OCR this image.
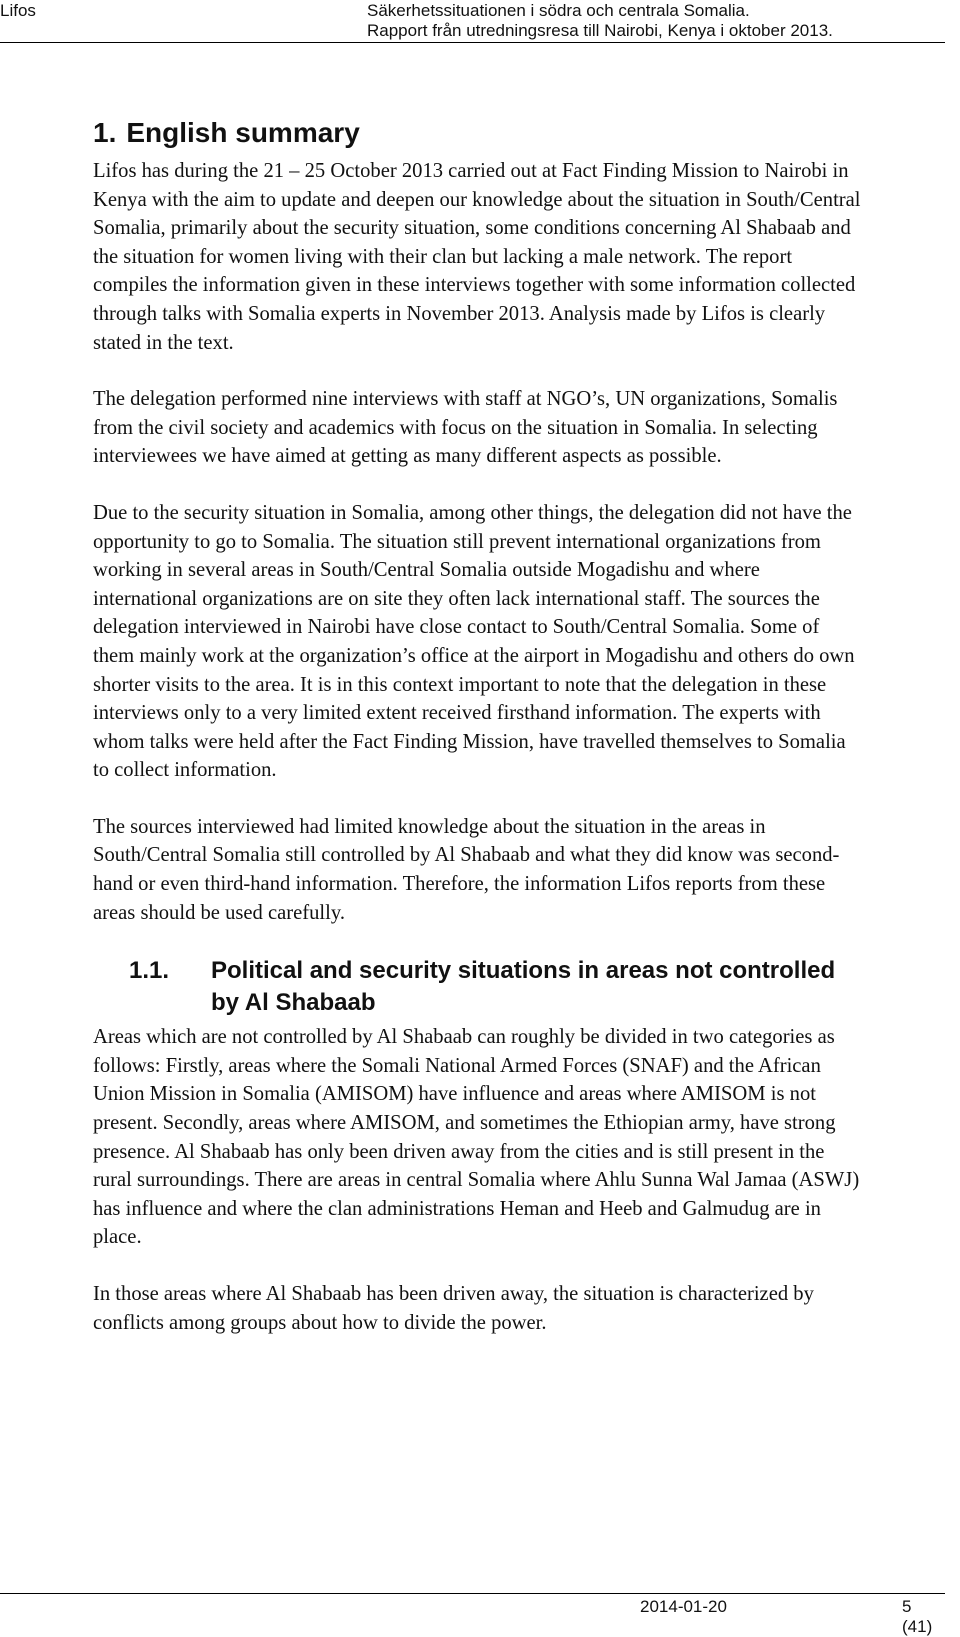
Lifos	Säkerhetssituationen i södra och centrala Somalia.
Rapport från utredningsresa till Nairobi, Kenya i oktober 2013.
1. English summary

Lifos has during the 21 – 25 October 2013 carried out at Fact Finding Mission to Nairobi in Kenya with the aim to update and deepen our knowledge about the situation in South/Central Somalia, primarily about the security situation, some conditions concerning Al Shabaab and the situation for women living with their clan but lacking a male network. The report compiles the information given in these interviews together with some information collected through talks with Somalia experts in November 2013. Analysis made by Lifos is clearly stated in the text.

The delegation performed nine interviews with staff at NGO’s, UN organizations, Somalis from the civil society and academics with focus on the situation in Somalia. In selecting interviewees we have aimed at getting as many different aspects as possible.

Due to the security situation in Somalia, among other things, the delegation did not have the opportunity to go to Somalia. The situation still prevent international organizations from working in several areas in South/Central Somalia outside Mogadishu and where international organizations are on site they often lack international staff. The sources the delegation interviewed in Nairobi have close contact to South/Central Somalia. Some of them mainly work at the organization’s office at the airport in Mogadishu and others do own shorter visits to the area. It is in this context important to note that the delegation in these interviews only to a very limited extent received firsthand information. The experts with whom talks were held after the Fact Finding Mission, have travelled themselves to Somalia to collect information.

The sources interviewed had limited knowledge about the situation in the areas in South/Central Somalia still controlled by Al Shabaab and what they did know was second-hand or even third-hand information. Therefore, the information Lifos reports from these areas should be used carefully.

1.1.	Political and security situations in areas not controlled by Al Shabaab

Areas which are not controlled by Al Shabaab can roughly be divided in two categories as follows: Firstly, areas where the Somali National Armed Forces (SNAF) and the African Union Mission in Somalia (AMISOM) have influence and areas where AMISOM is not present. Secondly, areas where AMISOM, and sometimes the Ethiopian army, have strong presence. Al Shabaab has only been driven away from the cities and is still present in the rural surroundings. There are areas in central Somalia where Ahlu Sunna Wal Jamaa (ASWJ) has influence and where the clan administrations Heman and Heeb and Galmudug are in place.

In those areas where Al Shabaab has been driven away, the situation is characterized by conflicts among groups about how to divide the power.

2014-01-20	5 (41)
